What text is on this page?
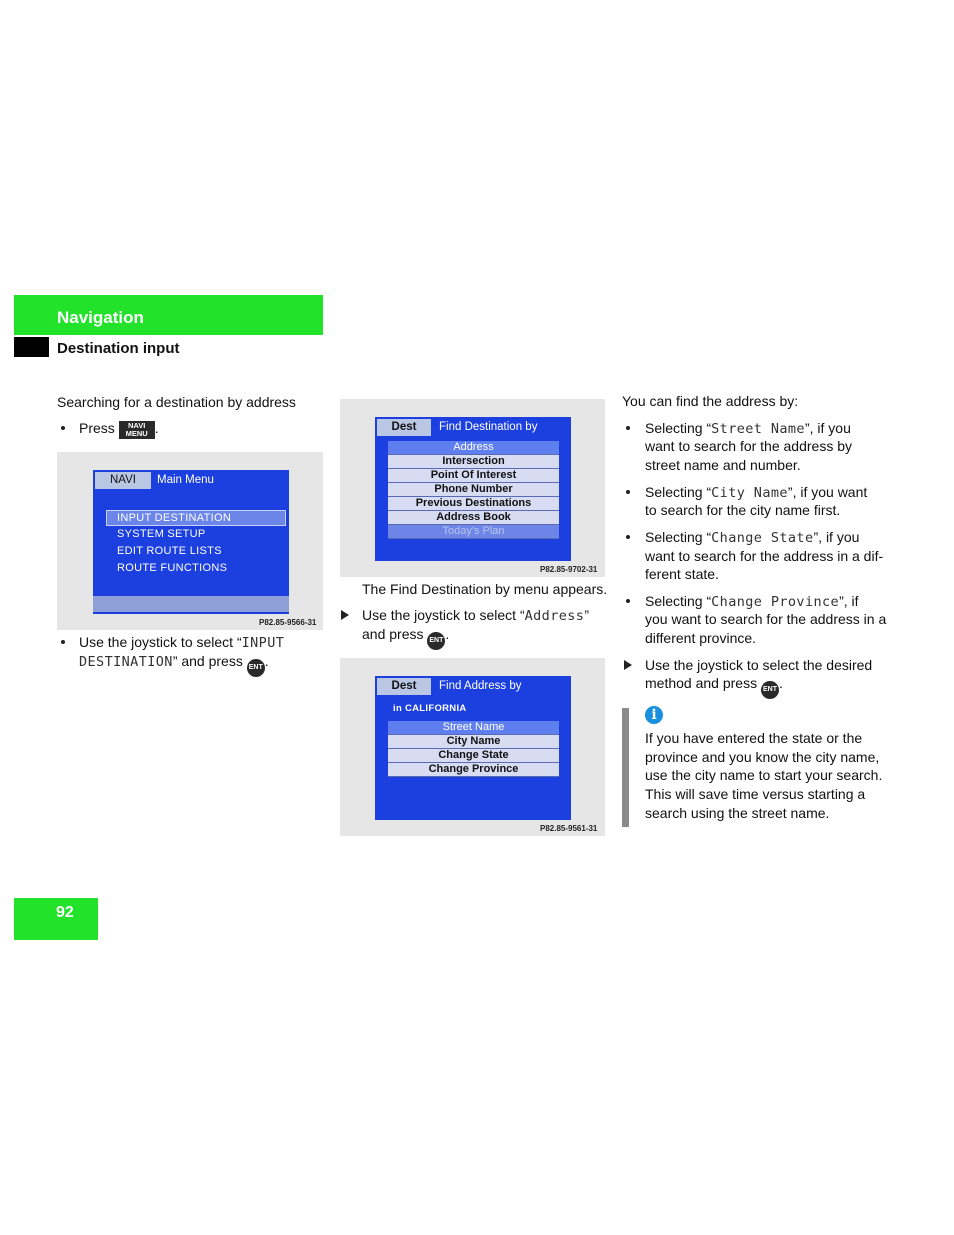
Navigation
Destination input
Searching for a destination by address
Press NAVI
MENU .
NAVI	Main Menu
INPUT DESTINATION
SYSTEM SETUP
EDIT ROUTE LISTS
ROUTE FUNCTIONS
P82.85-9566-31
Use the joystick to select “INPUT
DESTINATION” and press ENT .
Dest	Find Destination by
Address
Intersection
Point Of Interest
Phone Number
Previous Destinations
Address Book
Today's Plan
P82.85-9702-31
The Find Destination by menu appears.
Use the joystick to select “Address”
and press ENT .
Dest	Find Address by
in CALIFORNIA
Street Name
City Name
Change State
Change Province
P82.85-9561-31
You can find the address by:
Selecting “Street Name”, if you
want to search for the address by
street name and number.
Selecting “City Name”, if you want
to search for the city name first.
Selecting “Change State”, if you
want to search for the address in a dif-
ferent state.
Selecting “Change Province”, if
you want to search for the address in a
different province.
Use the joystick to select the desired
method and press ENT .
i
If you have entered the state or the
province and you know the city name,
use the city name to start your search.
This will save time versus starting a
search using the street name.
92
